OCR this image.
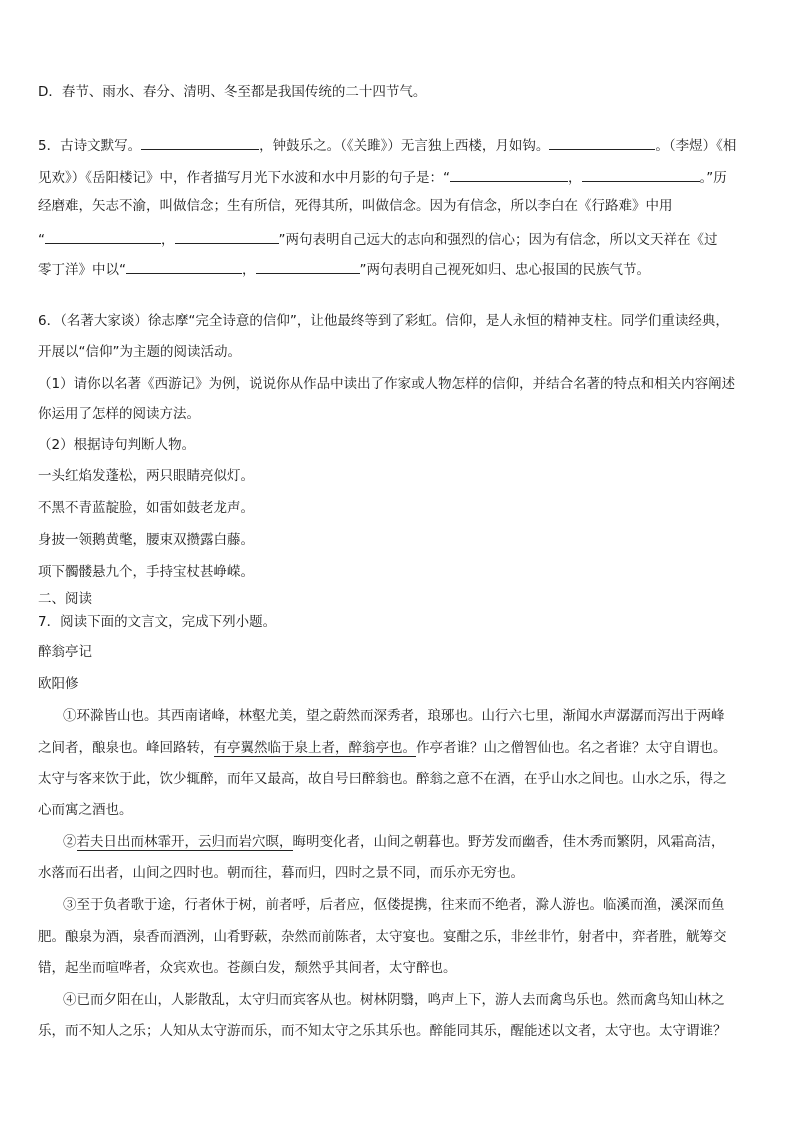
D．春节、雨水、春分、清明、冬至都是我国传统的二十四节气。
5．古诗文默写。	，钟鼓乐之。（《关雎》）无言独上西楼，月如钩。	。（李煜）《相
见欢》）《岳阳楼记》中，作者描写月光下水波和水中月影的句子是：“	，	。”历
经磨难，矢志不渝，叫做信念；生有所信，死得其所，叫做信念。因为有信念，所以李白在《行路难》中用
“	，	”两句表明自己远大的志向和强烈的信心；因为有信念，所以文天祥在《过
零丁洋》中以“	，	”两句表明自己视死如归、忠心报国的民族气节。
6．（名著大家谈）徐志摩“完全诗意的信仰”，让他最终等到了彩虹。信仰，是人永恒的精神支柱。同学们重读经典，
开展以“信仰”为主题的阅读活动。
（1）请你以名著《西游记》为例，说说你从作品中读出了作家或人物怎样的信仰，并结合名著的特点和相关内容阐述
你运用了怎样的阅读方法。
（2）根据诗句判断人物。
一头红焰发蓬松，两只眼睛亮似灯。
不黑不青蓝靛脸，如雷如鼓老龙声。
身披一领鹅黄氅，腰束双攒露白藤。
项下髑髅悬九个，手持宝杖甚峥嵘。
二、阅读
7．阅读下面的文言文，完成下列小题。
醉翁亭记
欧阳修
①环滁皆山也。其西南诸峰，林壑尤美，望之蔚然而深秀者，琅琊也。山行六七里，渐闻水声潺潺而泻出于两峰
之间者，酿泉也。峰回路转，有亭翼然临于泉上者，醉翁亭也。作亭者谁？山之僧智仙也。名之者谁？太守自谓也。
太守与客来饮于此，饮少辄醉，而年又最高，故自号曰醉翁也。醉翁之意不在酒，在乎山水之间也。山水之乐，得之
心而寓之酒也。
②若夫日出而林霏开，云归而岩穴暝，晦明变化者，山间之朝暮也。野芳发而幽香，佳木秀而繁阴，风霜高洁，
水落而石出者，山间之四时也。朝而往，暮而归，四时之景不同，而乐亦无穷也。
③至于负者歌于途，行者休于树，前者呼，后者应，伛偻提携，往来而不绝者，滁人游也。临溪而渔，溪深而鱼
肥。酿泉为酒，泉香而酒洌，山肴野蔌，杂然而前陈者，太守宴也。宴酣之乐，非丝非竹，射者中，弈者胜，觥筹交
错，起坐而喧哗者，众宾欢也。苍颜白发，颓然乎其间者，太守醉也。
④已而夕阳在山，人影散乱，太守归而宾客从也。树林阴翳，鸣声上下，游人去而禽鸟乐也。然而禽鸟知山林之
乐，而不知人之乐；人知从太守游而乐，而不知太守之乐其乐也。醉能同其乐，醒能述以文者，太守也。太守谓谁？
